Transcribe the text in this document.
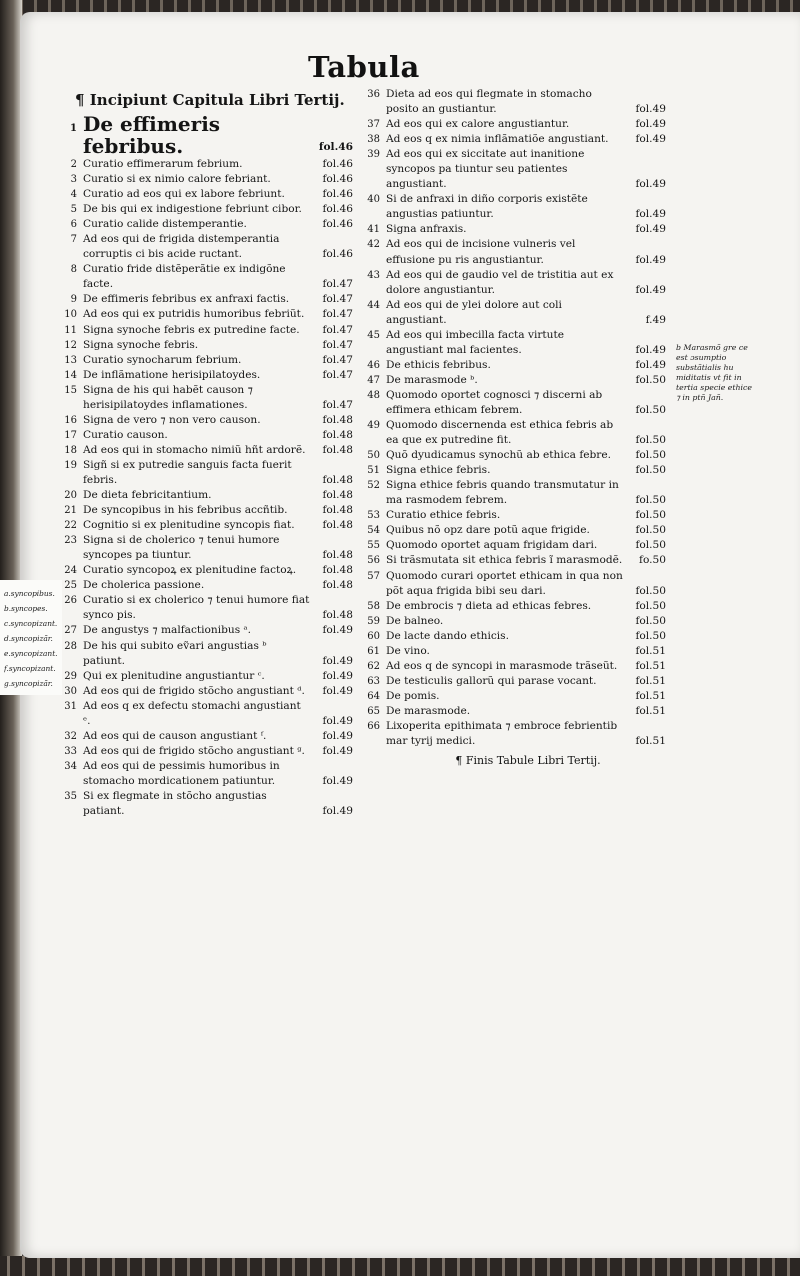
Tabula
¶ Incipiunt Capitula Libri Tertij.
1 De effimeris febribus.	fol.46
2 Curatio effimerarum febrium.	fol.46
3 Curatio si ex nimio calore febriant.	fol.46
4 Curatio ad eos qui ex labore febriunt.	fol.46
5 De bis qui ex indigestione febriunt cibor.	fol.46
6 Curatio calide distemperantie.	fol.46
7 Ad eos qui de frigida distemperantia corruptis ci bis acide ructant.	fol.46
8 Curatio fride distẽperãtie ex indigõne facte.	fol.47
9 De effimeris febribus ex anfraxi factis.	fol.47
10 Ad eos qui ex putridis humoribus febriũt.	fol.47
11 Signa synoche febris ex putredine facte.	fol.47
12 Signa synoche febris.	fol.47
13 Curatio synocharum febrium.	fol.47
14 De inflãmatione herisipilatoydes.	fol.47
15 Signa de his qui habẽt causon ⁊ herisipilatoydes inflamationes.	fol.47
16 Signa de vero ⁊ non vero causon.	fol.48
17 Curatio causon.	fol.48
18 Ad eos qui in stomacho nimiũ hñt ardorẽ.	fol.48
19 Sigñ si ex putredie sanguis facta fuerit febris.	fol.48
20 De dieta febricitantium.	fol.48
21 De syncopibus in his febribus accñtib.	fol.48
22 Cognitio si ex plenitudine syncopis fiat.	fol.48
23 Signa si de cholerico ⁊ tenui humore syncopes pa tiuntur.	fol.48
24 Curatio syncopoꝝ ex plenitudine factoꝝ.	fol.48
25 De cholerica passione.	fol.48
26 Curatio si ex cholerico ⁊ tenui humore fiat synco pis.	fol.48
27 De angustys ⁊ malfactionibus ᵃ.	fol.49
28 De his qui subito eṽari angustias ᵇ patiunt.	fol.49
29 Qui ex plenitudine angustiantur ᶜ.	fol.49
30 Ad eos qui de frigido stõcho angustiant ᵈ.	fol.49
31 Ad eos q ex defectu stomachi angustiant ᵉ.	fol.49
32 Ad eos qui de causon angustiant ᶠ.	fol.49
33 Ad eos qui de frigido stõcho angustiant ᵍ.	fol.49
34 Ad eos qui de pessimis humoribus in stomacho mordicationem patiuntur.	fol.49
35 Si ex flegmate in stõcho angustias patiant.	fol.49
36 Dieta ad eos qui flegmate in stomacho posito an gustiantur.	fol.49
37 Ad eos qui ex calore angustiantur.	fol.49
38 Ad eos q ex nimia inflãmatiõe angustiant.	fol.49
39 Ad eos qui ex siccitate aut inanitione syncopos pa tiuntur seu patientes angustiant.	fol.49
40 Si de anfraxi in diño corporis existẽte angustias patiuntur.	fol.49
41 Signa anfraxis.	fol.49
42 Ad eos qui de incisione vulneris vel effusione pu ris angustiantur.	fol.49
43 Ad eos qui de gaudio vel de tristitia aut ex dolore angustiantur.	fol.49
44 Ad eos qui de ylei dolore aut coli angustiant.	f.49
45 Ad eos qui imbecilla facta virtute angustiant mal facientes.	fol.49
46 De ethicis febribus.	fol.49
47 De marasmode ᵇ.	fol.50
48 Quomodo oportet cognosci ⁊ discerni ab effimera ethicam febrem.	fol.50
49 Quomodo discernenda est ethica febris ab ea que ex putredine fit.	fol.50
50 Quõ dyudicamus synochũ ab ethica febre.	fol.50
51 Signa ethice febris.	fol.50
52 Signa ethice febris quando transmutatur in ma rasmodem febrem.	fol.50
53 Curatio ethice febris.	fol.50
54 Quibus nõ opz dare potũ aque frigide.	fol.50
55 Quomodo oportet aquam frigidam dari.	fol.50
56 Si trãsmutata sit ethica febris ĩ marasmodẽ.	fo.50
57 Quomodo curari oportet ethicam in qua non põt aqua frigida bibi seu dari.	fol.50
58 De embrocis ⁊ dieta ad ethicas febres.	fol.50
59 De balneo.	fol.50
60 De lacte dando ethicis.	fol.50
61 De vino.	fol.51
62 Ad eos q de syncopi in marasmode trãseũt.	fol.51
63 De testiculis gallorũ qui parase vocant.	fol.51
64 De pomis.	fol.51
65 De marasmode.	fol.51
66 Lixoperita epithimata ⁊ embroce febrientib mar tyrij medici.	fol.51
¶ Finis Tabule Libri Tertij.
b Marasmõ gre ce est ɔsumptio substãtialis hu miditatis vt fit in tertia specie ethice ⁊ in ptñ Jañ.
a.syncopibus.
b.syncopes.
c.syncopizant.
d.syncopizãr.
e.syncopizant.
f.syncopizant.
g.syncopizãr.
